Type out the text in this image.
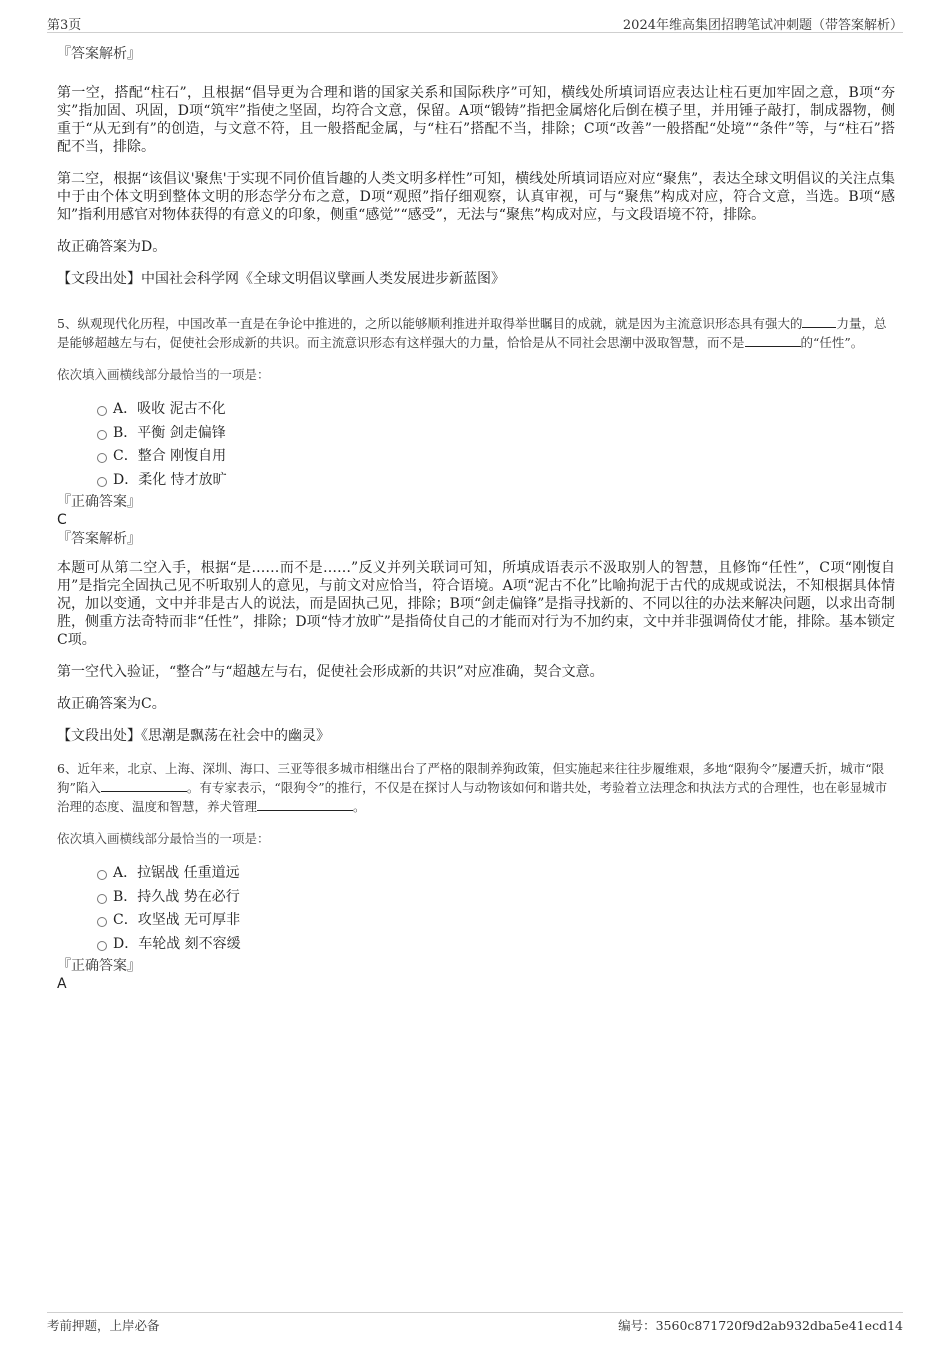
第3页	2024年维高集团招聘笔试冲刺题（带答案解析）

『答案解析』

第一空，搭配“柱石”，且根据“倡导更为合理和谐的国家关系和国际秩序”可知，横线处所填词语应表达让柱石更加牢固之意，B项“夯实”指加固、巩固，D项“筑牢”指使之坚固，均符合文意，保留。A项“锻铸”指把金属熔化后倒在模子里，并用锤子敲打，制成器物，侧重于“从无到有”的创造，与文意不符，且一般搭配金属，与“柱石”搭配不当，排除；C项“改善”一般搭配“处境”“条件”等，与“柱石”搭配不当，排除。

第二空，根据“该倡议'聚焦'于实现不同价值旨趣的人类文明多样性”可知，横线处所填词语应对应“聚焦”，表达全球文明倡议的关注点集中于由个体文明到整体文明的形态学分布之意，D项“观照”指仔细观察，认真审视，可与“聚焦”构成对应，符合文意，当选。B项“感知”指利用感官对物体获得的有意义的印象，侧重“感觉”“感受”，无法与“聚焦”构成对应，与文段语境不符，排除。

故正确答案为D。

【文段出处】中国社会科学网《全球文明倡议擘画人类发展进步新蓝图》

5、纵观现代化历程，中国改革一直是在争论中推进的，之所以能够顺利推进并取得举世瞩目的成就，就是因为主流意识形态具有强大的	力量，总是能够超越左与右，促使社会形成新的共识。而主流意识形态有这样强大的力量，恰恰是从不同社会思潮中汲取智慧，而不是	的“任性”。

依次填入画横线部分最恰当的一项是：

A．吸收 泥古不化
B．平衡 剑走偏锋
C．整合 刚愎自用
D．柔化 恃才放旷

『正确答案』

C

『答案解析』

本题可从第二空入手，根据“是……而不是……”反义并列关联词可知，所填成语表示不汲取别人的智慧，且修饰“任性”，C项“刚愎自用”是指完全固执己见不听取别人的意见，与前文对应恰当，符合语境。A项“泥古不化”比喻拘泥于古代的成规或说法，不知根据具体情况，加以变通，文中并非是古人的说法，而是固执己见，排除；B项“剑走偏锋”是指寻找新的、不同以往的办法来解决问题，以求出奇制胜，侧重方法奇特而非“任性”，排除；D项“恃才放旷”是指倚仗自己的才能而对行为不加约束，文中并非强调倚仗才能，排除。基本锁定C项。

第一空代入验证，“整合”与“超越左与右，促使社会形成新的共识”对应准确，契合文意。

故正确答案为C。

【文段出处】《思潮是飘荡在社会中的幽灵》

6、近年来，北京、上海、深圳、海口、三亚等很多城市相继出台了严格的限制养狗政策，但实施起来往往步履维艰，多地“限狗令”屡遭夭折，城市“限狗”陷入	。有专家表示，“限狗令”的推行，不仅是在探讨人与动物该如何和谐共处，考验着立法理念和执法方式的合理性，也在彰显城市治理的态度、温度和智慧，养犬管理	。

依次填入画横线部分最恰当的一项是：

A．拉锯战 任重道远
B．持久战 势在必行
C．攻坚战 无可厚非
D．车轮战 刻不容缓

『正确答案』

A

考前押题，上岸必备	编号：3560c871720f9d2ab932dba5e41ecd14
